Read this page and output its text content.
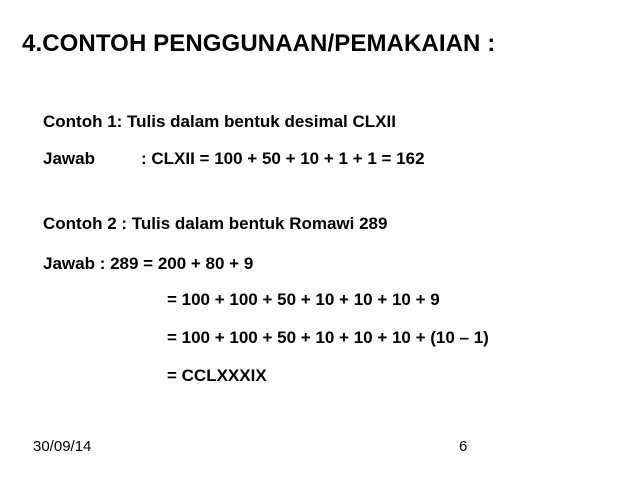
4.CONTOH PENGGUNAAN/PEMAKAIAN :
Contoh 1: Tulis dalam bentuk desimal CLXII
Jawab	: CLXII = 100 + 50 + 10 + 1 + 1 = 162
Contoh 2 : Tulis dalam bentuk Romawi 289
Jawab : 289 = 200 + 80 + 9
= 100 + 100 + 50 + 10 + 10 + 10 + 9
= 100 + 100 + 50 + 10 + 10 + 10 + (10 – 1)
= CCLXXXIX
30/09/14	6
